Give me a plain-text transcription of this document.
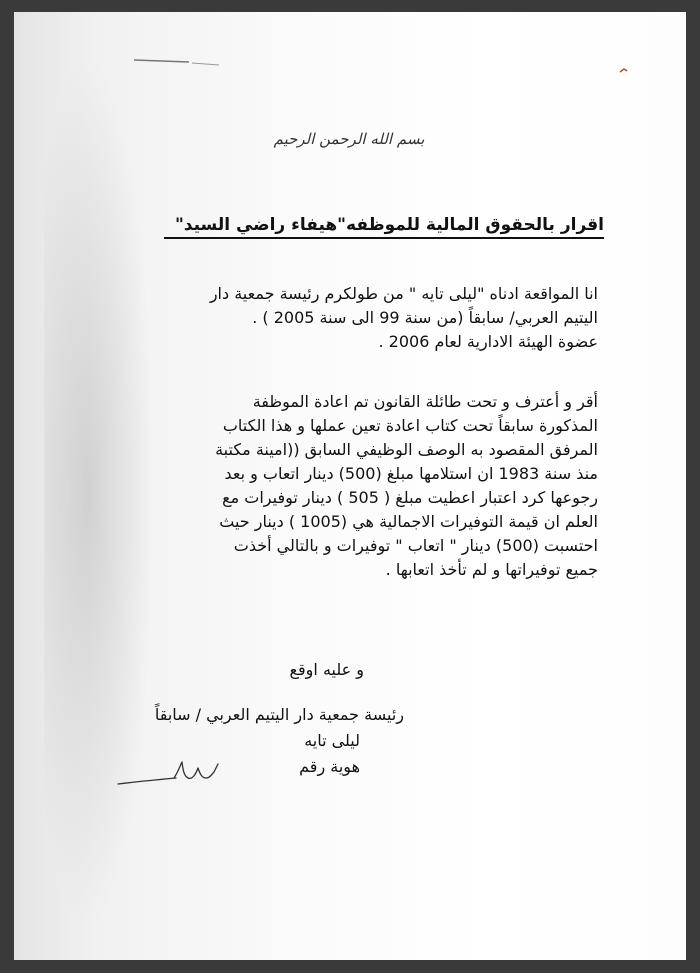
بسم الله الرحمن الرحيم
اقرار بالحقوق المالية للموظفه"هيفاء راضي السيد"
انا المواقعة ادناه "ليلى تايه " من طولكرم رئيسة جمعية دار
اليتيم العربي/ سابقاً (من سنة 99 الى سنة 2005 ) .
عضوة الهيئة الادارية لعام 2006 .
أقر و أعترف و تحت طائلة القانون تم اعادة الموظفة
المذكورة سابقاً تحت كتاب اعادة تعين عملها و هذا الكتاب
المرفق المقصود به الوصف الوظيفي السابق ((امينة مكتبة
منذ سنة 1983 ان استلامها مبلغ (500) دينار اتعاب و بعد
رجوعها كرد اعتبار اعطيت مبلغ ( 505 ) دينار توفيرات مع
العلم ان قيمة التوفيرات الاجمالية هي (1005 ) دينار حيث
احتسبت (500) دينار " اتعاب " توفيرات و بالتالي أخذت
جميع توفيراتها و لم تأخذ اتعابها .
و عليه اوقع
رئيسة جمعية دار اليتيم العربي / سابقاً
ليلى تايه
هوية رقم
